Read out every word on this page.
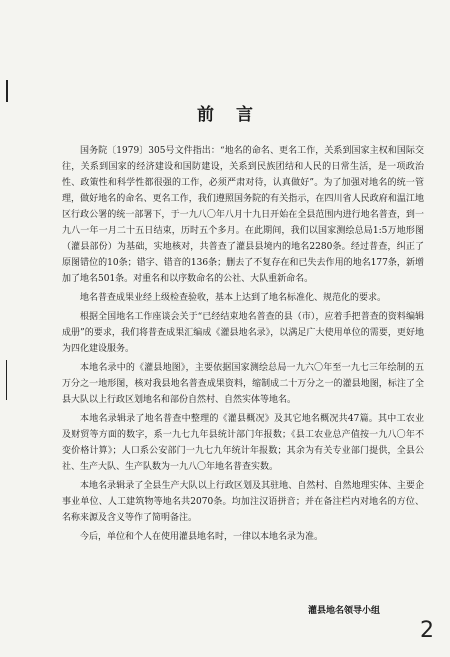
前言

国务院〔1979〕305号文件指出：“地名的命名、更名工作，关系到国家主权和国际交往，关系到国家的经济建设和国防建设，关系到民族团结和人民的日常生活，是一项政治性、政策性和科学性都很强的工作，必须严肃对待，认真做好”。为了加强对地名的统一管理，做好地名的命名、更名工作，我们遵照国务院的有关指示，在四川省人民政府和温江地区行政公署的统一部署下，于一九八〇年八月十九日开始在全县范围内进行地名普查，到一九八一年一月二十五日结束，历时五个多月。在此期间，我们以国家测绘总局1:5万地形图（灌县部份）为基础，实地核对，共普查了灌县县境内的地名2280条。经过普查，纠正了原图错位的10条；错字、错音的136条；删去了不复存在和已失去作用的地名177条，新增加了地名501条。对重名和以序数命名的公社、大队重新命名。

地名普查成果业经上级检查验收，基本上达到了地名标准化、规范化的要求。

根据全国地名工作座谈会关于“已经结束地名普查的县（市），应着手把普查的资料编辑成册”的要求，我们将普查成果汇编成《灌县地名录》，以满足广大使用单位的需要，更好地为四化建设服务。

本地名录中的《灌县地图》，主要依据国家测绘总局一九六〇年至一九七三年绘制的五万分之一地形图，核对我县地名普查成果资料，缩制成二十万分之一的灌县地图，标注了全县大队以上行政区划地名和部份自然村、自然实体等地名。

本地名录辑录了地名普查中整理的《灌县概况》及其它地名概况共47篇。其中工农业及财贸等方面的数字，系一九七九年县统计部门年报数；《县工农业总产值按一九八〇年不变价格计算》；人口系公安部门一九七九年统计年报数；其余为有关专业部门提供，全县公社、生产大队、生产队数为一九八〇年地名普查实数。

本地名录辑录了全县生产大队以上行政区划及其驻地、自然村、自然地理实体、主要企事业单位、人工建筑物等地名共2070条。均加注汉语拼音；并在备注栏内对地名的方位、名称来源及含义等作了简明备注。

今后，单位和个人在使用灌县地名时，一律以本地名录为准。

灌县地名领导小组
2
